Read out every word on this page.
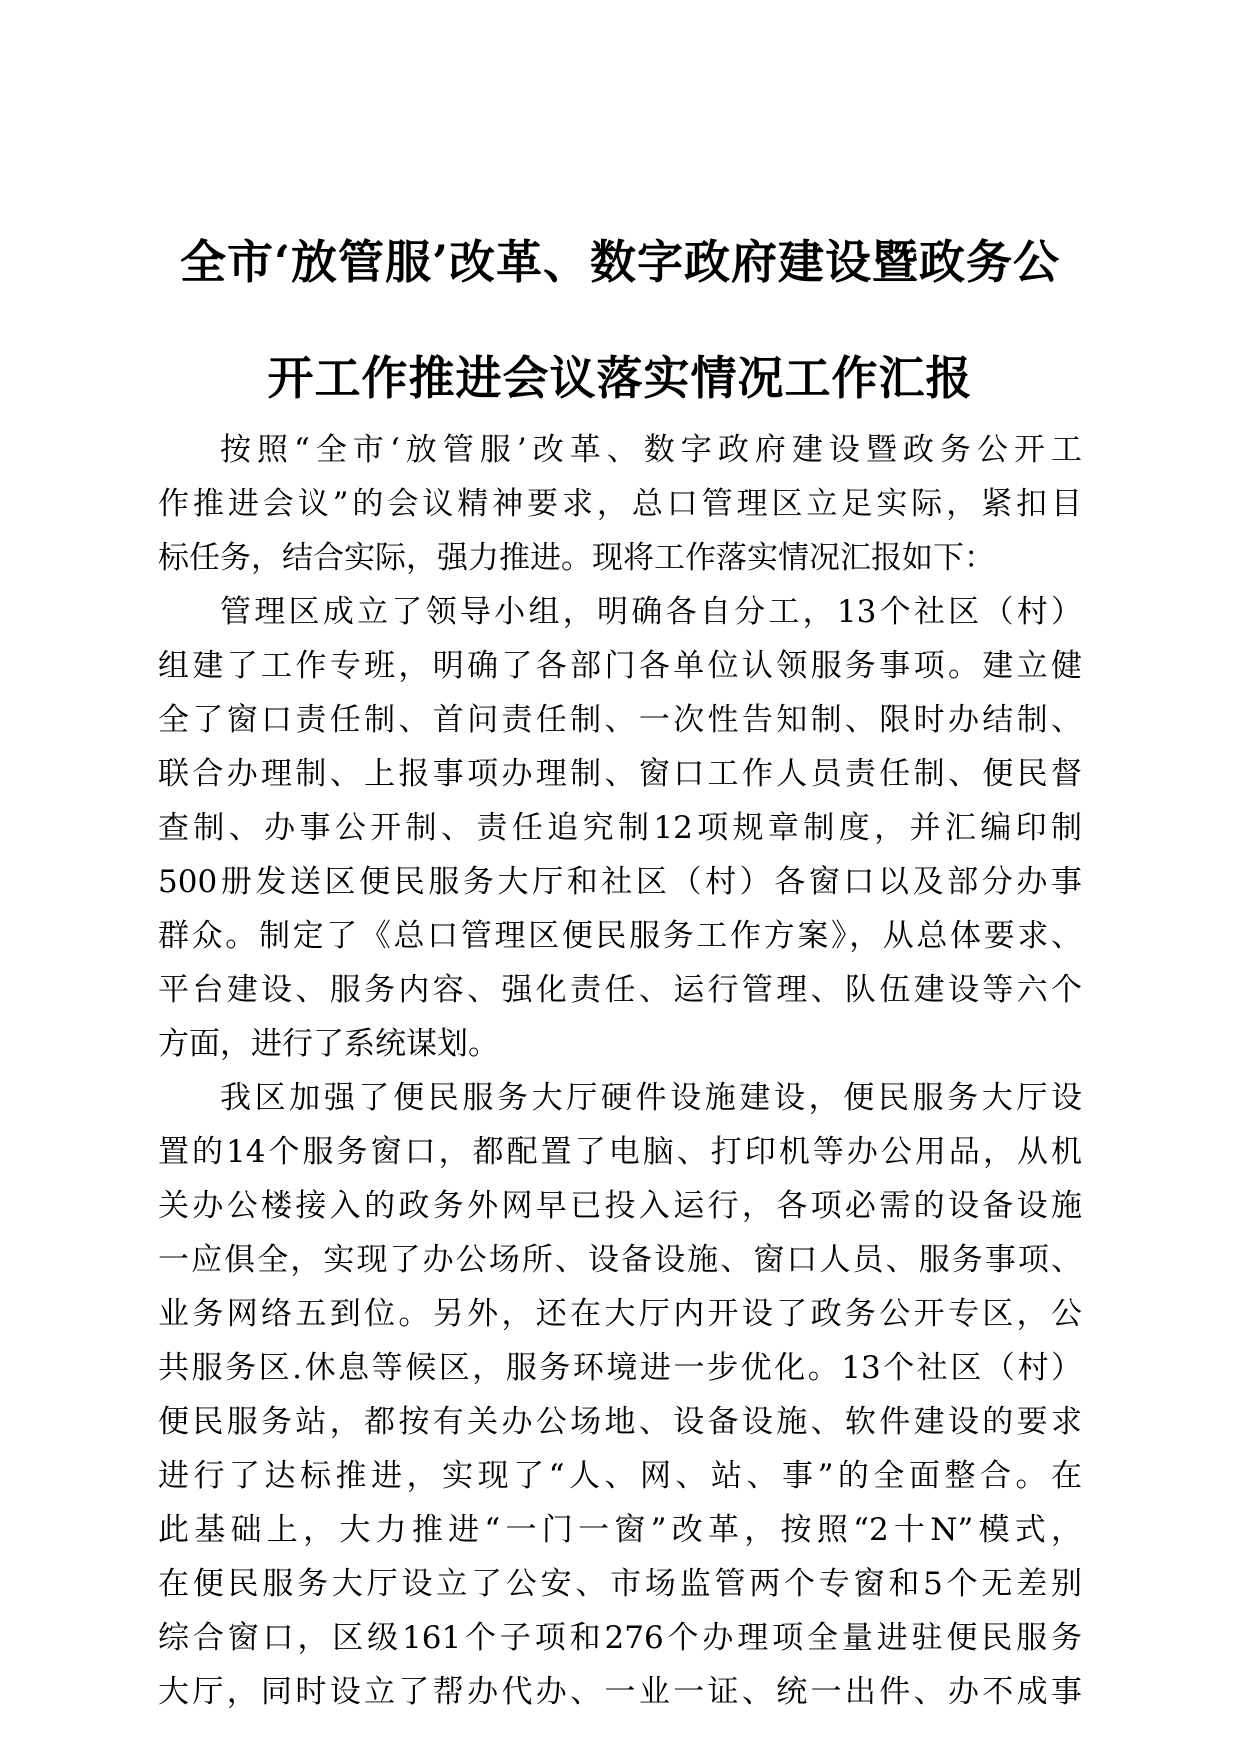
全市‘放管服’改革、数字政府建设暨政务公
开工作推进会议落实情况工作汇报
按照“全市‘放管服’改革、数字政府建设暨政务公开工
作推进会议”的会议精神要求，总口管理区立足实际，紧扣目
标任务，结合实际，强力推进。现将工作落实情况汇报如下：
管理区成立了领导小组，明确各自分工，13个社区（村）
组建了工作专班，明确了各部门各单位认领服务事项。建立健
全了窗口责任制、首问责任制、一次性告知制、限时办结制、
联合办理制、上报事项办理制、窗口工作人员责任制、便民督
查制、办事公开制、责任追究制12项规章制度，并汇编印制
500册发送区便民服务大厅和社区（村）各窗口以及部分办事
群众。制定了《总口管理区便民服务工作方案》，从总体要求、
平台建设、服务内容、强化责任、运行管理、队伍建设等六个
方面，进行了系统谋划。
我区加强了便民服务大厅硬件设施建设，便民服务大厅设
置的14个服务窗口，都配置了电脑、打印机等办公用品，从机
关办公楼接入的政务外网早已投入运行，各项必需的设备设施
一应俱全，实现了办公场所、设备设施、窗口人员、服务事项、
业务网络五到位。另外，还在大厅内开设了政务公开专区，公
共服务区.休息等候区，服务环境进一步优化。13个社区（村）
便民服务站，都按有关办公场地、设备设施、软件建设的要求
进行了达标推进，实现了“人、网、站、事”的全面整合。在
此基础上，大力推进“一门一窗”改革，按照“2十N”模式，
在便民服务大厅设立了公安、市场监管两个专窗和5个无差别
综合窗口，区级161个子项和276个办理项全量进驻便民服务
大厅，同时设立了帮办代办、一业一证、统一出件、办不成事
